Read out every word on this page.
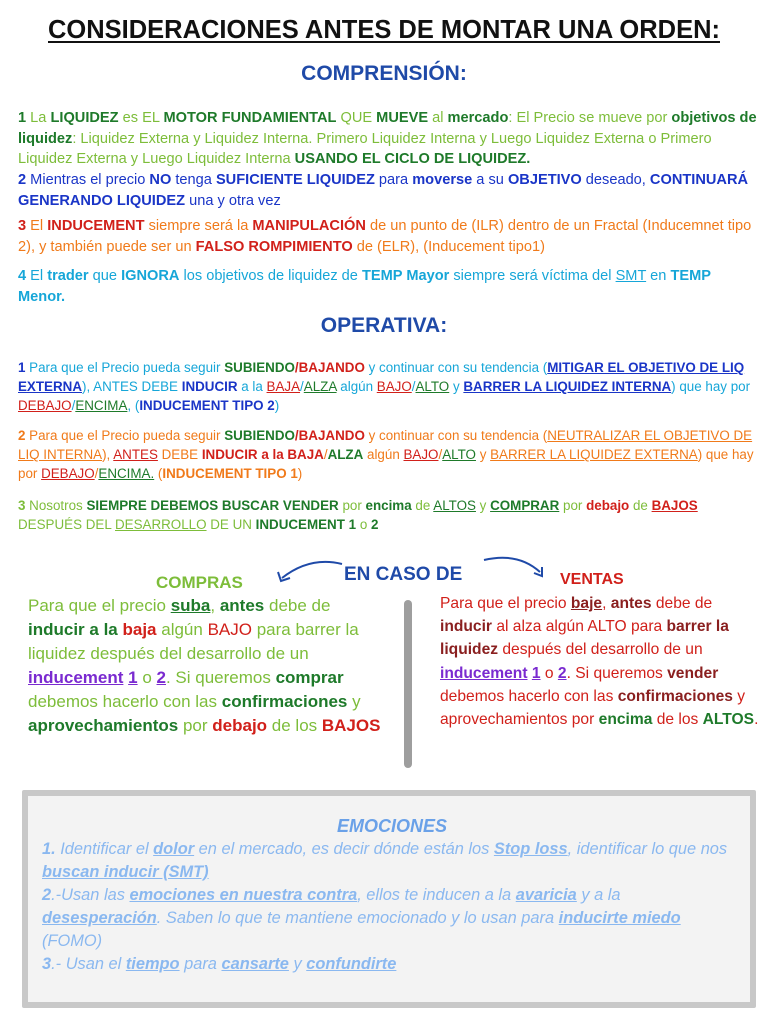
CONSIDERACIONES ANTES DE MONTAR UNA ORDEN:
COMPRENSIÓN:
1 La LIQUIDEZ es EL MOTOR FUNDAMIENTAL QUE MUEVE al mercado: El Precio se mueve por objetivos de liquidez: Liquidez Externa y Liquidez Interna. Primero Liquidez Interna y Luego Liquidez Externa o Primero Liquidez Externa y Luego Liquidez Interna USANDO EL CICLO DE LIQUIDEZ.
2 Mientras el precio NO tenga SUFICIENTE LIQUIDEZ para moverse a su OBJETIVO deseado, CONTINUARÁ GENERANDO LIQUIDEZ una y otra vez
3 El INDUCEMENT siempre será la MANIPULACIÓN de un punto de (ILR) dentro de un Fractal (Inducemnet tipo 2), y también puede ser un FALSO ROMPIMIENTO de (ELR), (Inducement tipo1)
4 El trader que IGNORA los objetivos de liquidez de TEMP Mayor siempre será víctima del SMT en TEMP Menor.
OPERATIVA:
1 Para que el Precio pueda seguir SUBIENDO/BAJANDO y continuar con su tendencia (MITIGAR EL OBJETIVO DE LIQ EXTERNA), ANTES DEBE INDUCIR a la BAJA/ALZA algún BAJO/ALTO y BARRER LA LIQUIDEZ INTERNA) que hay por DEBAJO/ENCIMA, (INDUCEMENT TIPO 2)
2 Para que el Precio pueda seguir SUBIENDO/BAJANDO y continuar con su tendencia (NEUTRALIZAR EL OBJETIVO DE LIQ INTERNA), ANTES DEBE INDUCIR a la BAJA/ALZA algún BAJO/ALTO y BARRER LA LIQUIDEZ EXTERNA) que hay por DEBAJO/ENCIMA. (INDUCEMENT TIPO 1)
3 Nosotros SIEMPRE DEBEMOS BUSCAR VENDER por encima de ALTOS y COMPRAR por debajo de BAJOS DESPUÉS DEL DESARROLLO DE UN INDUCEMENT 1 o 2
EN CASO DE
COMPRAS	VENTAS
Para que el precio suba, antes debe de inducir a la baja algún BAJO para barrer la liquidez después del desarrollo de un inducement 1 o 2. Si queremos comprar debemos hacerlo con las confirmaciones y aprovechamientos por debajo de los BAJOS
Para que el precio baje, antes debe de inducir al alza algún ALTO para barrer la liquidez después del desarrollo de un inducement 1 o 2. Si queremos vender debemos hacerlo con las confirmaciones y aprovechamientos por encima de los ALTOS.
EMOCIONES
1. Identificar el dolor en el mercado, es decir dónde están los Stop loss, identificar lo que nos buscan inducir (SMT)
2.-Usan las emociones en nuestra contra, ellos te inducen a la avaricia y a la desesperación. Saben lo que te mantiene emocionado y lo usan para inducirte miedo (FOMO)
3.- Usan el tiempo para cansarte y confundirte
